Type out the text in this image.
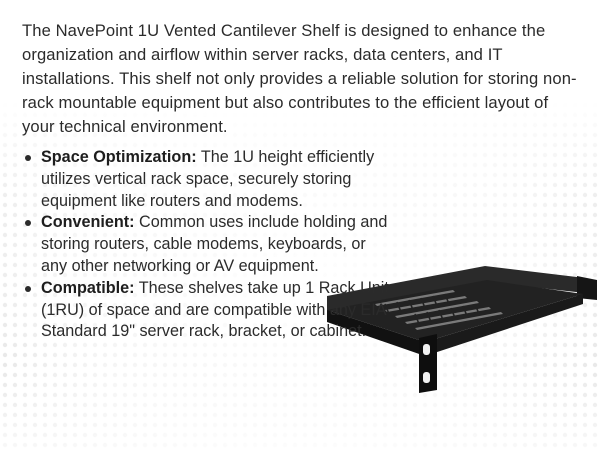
The NavePoint 1U Vented Cantilever Shelf is designed to enhance the organization and airflow within server racks, data centers, and IT installations. This shelf not only provides a reliable solution for storing non-rack mountable equipment but also contributes to the efficient layout of your technical environment.

Space Optimization: The 1U height efficiently utilizes vertical rack space, securely storing equipment like routers and modems.
Convenient: Common uses include holding and storing routers, cable modems, keyboards, or any other networking or AV equipment.
Compatible: These shelves take up 1 Rack Unit (1RU) of space and are compatible with any EIA Standard 19" server rack, bracket, or cabinet.
